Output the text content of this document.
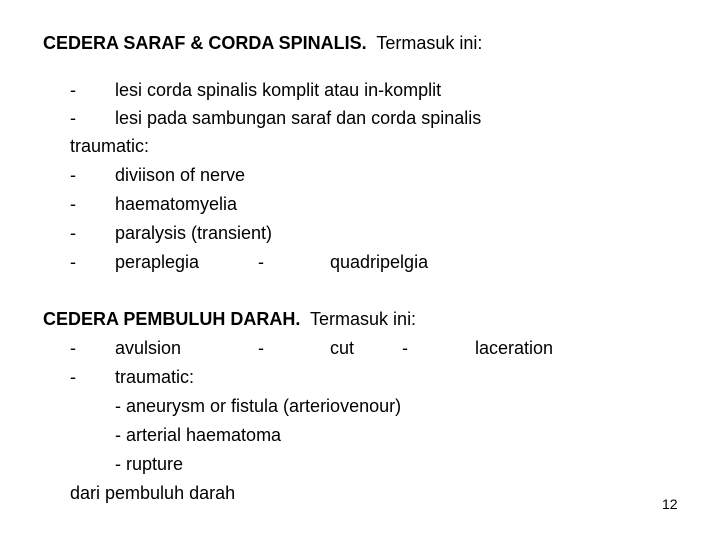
CEDERA SARAF & CORDA SPINALIS. Termasuk ini:
- lesi corda spinalis komplit atau in-komplit
- lesi pada sambungan saraf dan corda spinalis
traumatic:
- diviison of nerve
- haematomyelia
- paralysis (transient)
- peraplegia	-	quadripelgia
CEDERA PEMBULUH DARAH. Termasuk ini:
- avulsion	-	cut	-	laceration
- traumatic:
- aneurysm or fistula (arteriovenour)
- arterial haematoma
- rupture
dari pembuluh darah
12
